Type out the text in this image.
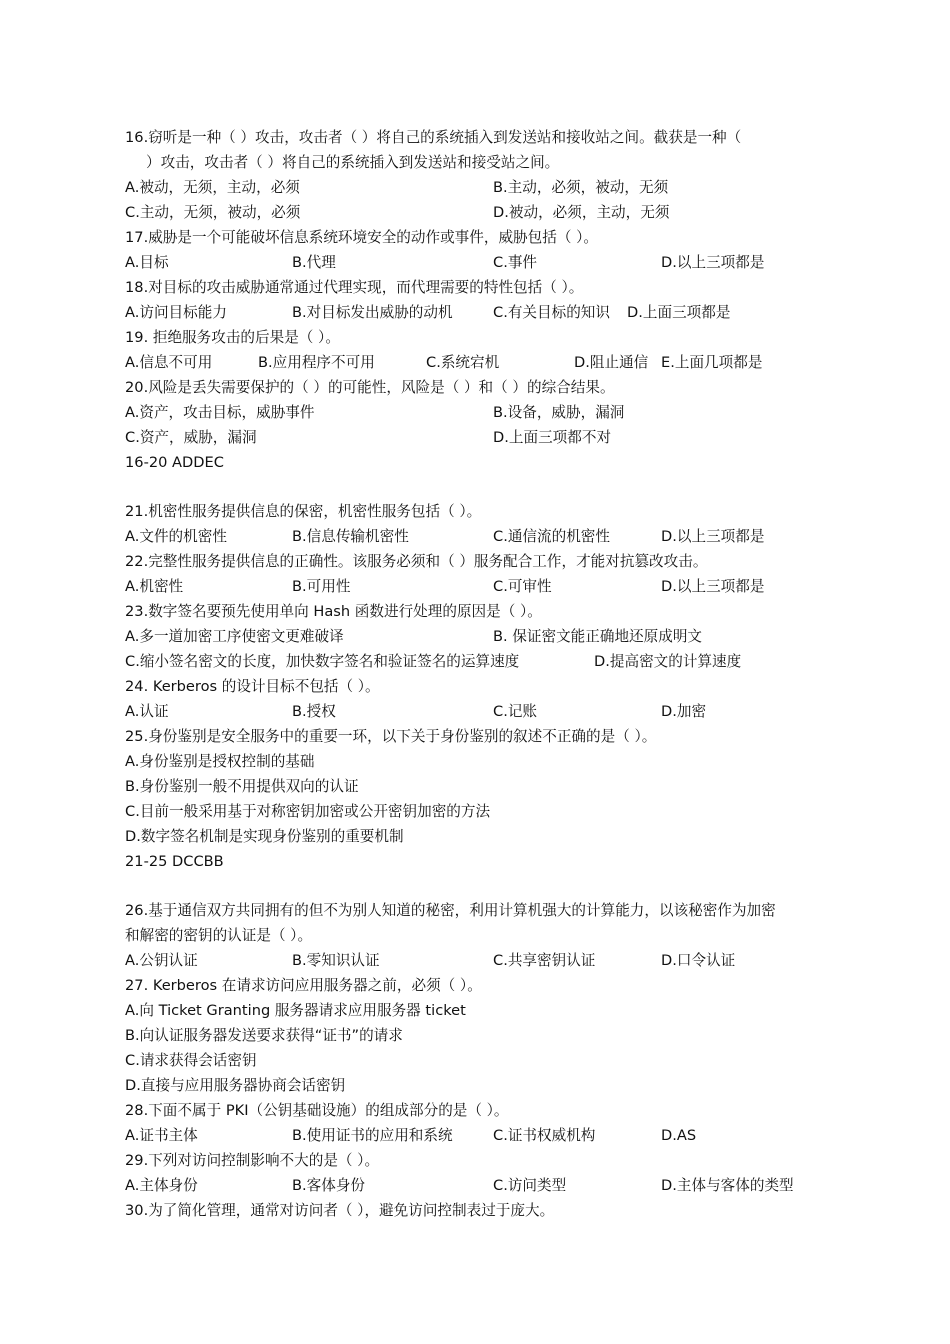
16.窃听是一种（ ）攻击，攻击者（ ）将自己的系统插入到发送站和接收站之间。截获是一种（
）攻击，攻击者（ ）将自己的系统插入到发送站和接受站之间。
A.被动，无须，主动，必须	B.主动，必须，被动，无须
C.主动，无须，被动，必须	D.被动，必须，主动，无须
17.威胁是一个可能破坏信息系统环境安全的动作或事件，威胁包括（ ）。
A.目标	B.代理	C.事件	D.以上三项都是
18.对目标的攻击威胁通常通过代理实现，而代理需要的特性包括（ ）。
A.访问目标能力	B.对目标发出威胁的动机	C.有关目标的知识 D.上面三项都是
19. 拒绝服务攻击的后果是（ ）。
A.信息不可用	B.应用程序不可用	C.系统宕机	D.阻止通信 E.上面几项都是
20.风险是丢失需要保护的（ ）的可能性，风险是（ ）和（ ）的综合结果。
A.资产，攻击目标，威胁事件	B.设备，威胁，漏洞
C.资产，威胁，漏洞	D.上面三项都不对
16-20 ADDEC
21.机密性服务提供信息的保密，机密性服务包括（ ）。
A.文件的机密性	B.信息传输机密性	C.通信流的机密性	D.以上三项都是
22.完整性服务提供信息的正确性。该服务必须和（ ）服务配合工作，才能对抗篡改攻击。
A.机密性	B.可用性	C.可审性	D.以上三项都是
23.数字签名要预先使用单向 Hash 函数进行处理的原因是（ ）。
A.多一道加密工序使密文更难破译	B. 保证密文能正确地还原成明文
C.缩小签名密文的长度，加快数字签名和验证签名的运算速度	D.提高密文的计算速度
24. Kerberos 的设计目标不包括（ ）。
A.认证	B.授权	C.记账	D.加密
25.身份鉴别是安全服务中的重要一环，以下关于身份鉴别的叙述不正确的是（ ）。
A.身份鉴别是授权控制的基础
B.身份鉴别一般不用提供双向的认证
C.目前一般采用基于对称密钥加密或公开密钥加密的方法
D.数字签名机制是实现身份鉴别的重要机制
21-25 DCCBB
26.基于通信双方共同拥有的但不为别人知道的秘密，利用计算机强大的计算能力，以该秘密作为加密
和解密的密钥的认证是（ ）。
A.公钥认证	B.零知识认证	C.共享密钥认证	D.口令认证
27. Kerberos 在请求访问应用服务器之前，必须（ ）。
A.向 Ticket Granting 服务器请求应用服务器 ticket
B.向认证服务器发送要求获得“证书”的请求
C.请求获得会话密钥
D.直接与应用服务器协商会话密钥
28.下面不属于 PKI（公钥基础设施）的组成部分的是（ ）。
A.证书主体	B.使用证书的应用和系统	C.证书权威机构	D.AS
29.下列对访问控制影响不大的是（ ）。
A.主体身份	B.客体身份	C.访问类型	D.主体与客体的类型
30.为了简化管理，通常对访问者（ ），避免访问控制表过于庞大。
